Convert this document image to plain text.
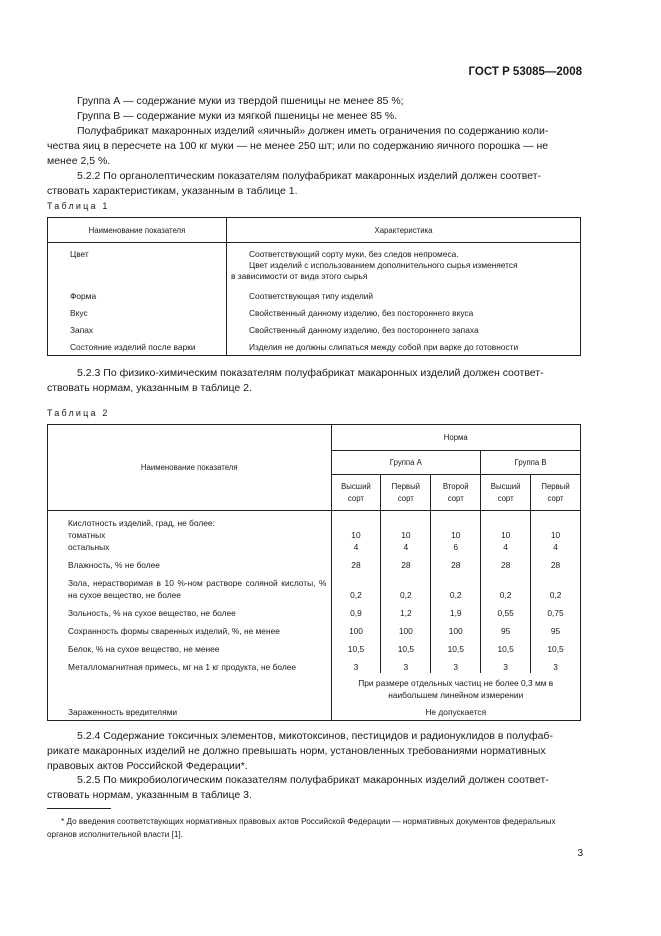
ГОСТ Р 53085—2008

Группа А — содержание муки из твердой пшеницы не менее 85 %;

Группа В — содержание муки из мягкой пшеницы не менее 85 %.

Полуфабрикат макаронных изделий «яичный» должен иметь ограничения по содержанию коли-

чества яиц в пересчете на 100 кг муки — не менее 250 шт; или по содержанию яичного порошка — не

менее 2,5 %.

5.2.2 По органолептическим показателям полуфабрикат макаронных изделий должен соответ-

ствовать характеристикам, указанным в таблице 1.

Таблица 1
Наименование показателя	Характеристика
Цвет	Соответствующий сорту муки, без следов непромеса.
Цвет изделий с использованием дополнительного сырья изменяется
в зависимости от вида этого сырья

Форма	Соответствующая типу изделий
Вкус	Свойственный данному изделию, без постороннего вкуса
Запах	Свойственный данному изделию, без постороннего запаха
Состояние изделий после варки	Изделия не должны слипаться между собой при варке до готовности

5.2.3 По физико-химическим показателям полуфабрикат макаронных изделий должен соответ-

ствовать нормам, указанным в таблице 2.

Таблица 2
Наименование показателя	Норма				
	Группа А			Группа В	
	Высший сорт	Первый сорт	Второй сорт	Высший сорт	Первый сорт
Кислотность изделий, град, не более:					
томатных	10	10	10	10	10
остальных	4	4	6	4	4
Влажность, % не более	28	28	28	28	28
Зола, нерастворимая в 10 %-ном растворе соляной кислоты, % на сухое вещество, не более	0,2	0,2	0,2	0,2	0,2
Зольность, % на сухое вещество, не более	0,9	1,2	1,9	0,55	0,75
Сохранность формы сваренных изделий, %, не менее	100	100	100	95	95
Белок, % на сухое вещество, не менее	10,5	10,5	10,5	10,5	10,5
Металломагнитная примесь, мг на 1 кг продукта, не более	3	3	3	3	3
	При размере отдельных частиц не более 0,3 мм в наибольшем линейном измерении				
Зараженность вредителями	Не допускается				

5.2.4 Содержание токсичных элементов, микотоксинов, пестицидов и радионуклидов в полуфаб-

рикате макаронных изделий не должно превышать норм, установленных требованиями нормативных

правовых актов Российской Федерации*.

5.2.5 По микробиологическим показателям полуфабрикат макаронных изделий должен соответ-

ствовать нормам, указанным в таблице 3.

* До введения соответствующих нормативных правовых актов Российской Федерации — нормативных документов федеральных органов исполнительной власти [1].
3
